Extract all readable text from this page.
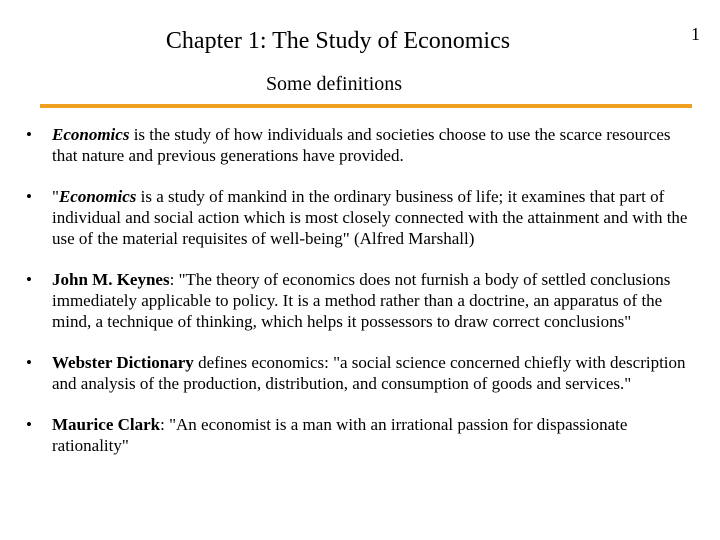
1
Chapter 1: The Study of Economics
Some definitions
•	Economics is the study of how individuals and societies choose to use the scarce resources that nature and previous generations have provided.
•	"Economics is a study of mankind in the ordinary business of life; it examines that part of individual and social action which is most closely connected with the attainment and with the use of the material requisites of well-being" (Alfred Marshall)
•	John M. Keynes: "The theory of economics does not furnish a body of settled conclusions immediately applicable to policy. It is a method rather than a doctrine, an apparatus of the mind, a technique of thinking, which helps it possessors to draw correct conclusions"
•	Webster Dictionary defines economics: "a social science concerned chiefly with description and analysis of the production, distribution, and consumption of goods and services."
•	Maurice Clark: "An economist is a man with an irrational passion for dispassionate rationality"
